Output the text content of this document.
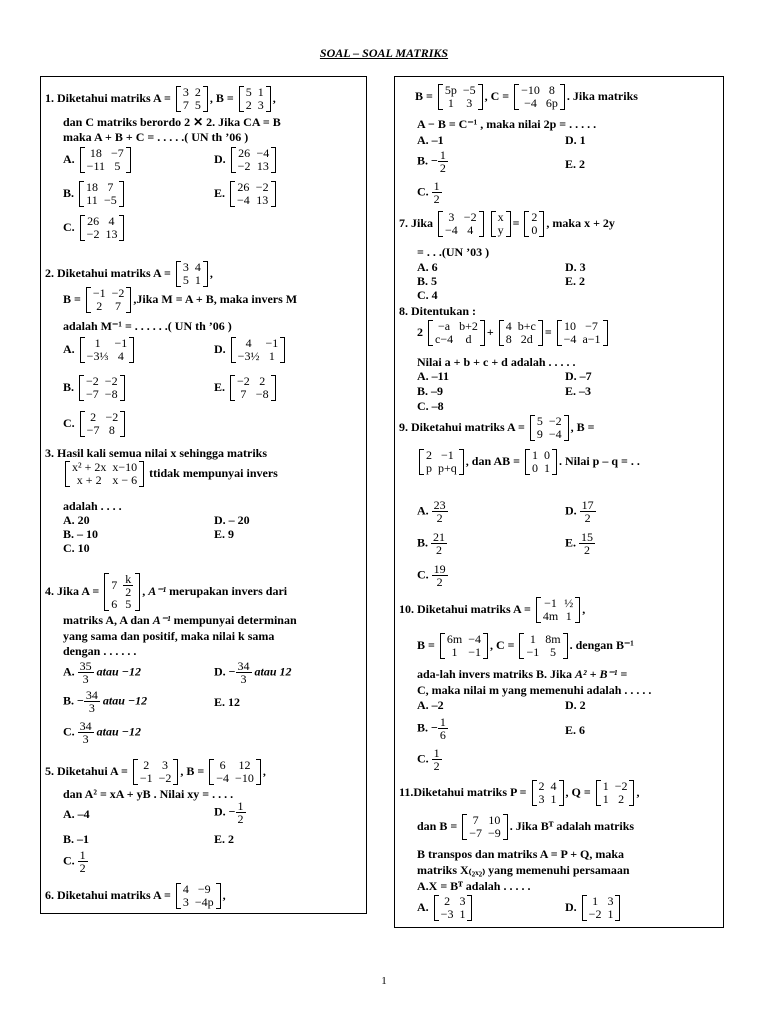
SOAL – SOAL MATRIKS
1. Diketahui matriks A = 3	2
7	5
, B = 5	1
2	3
,
dan C matriks berordo 2 ✕ 2. Jika CA = B
maka A + B + C = . . . . .( UN th ’06 )
A. 18	−7
−11	5
D. 26	−4
−2	13
B. 18	7
11	−5
E. 26	−2
−4	13
C. 26	4
−2	13
2. Diketahui matriks A = 3	4
5	1
,
B = −1	−2
2	7
,Jika M = A + B, maka invers M
adalah M⁻¹ = . . . . . .( UN th ’06 )
A. 1	−1
−3⅓	4
D. 4	−1
−3½	1
B. −2	−2
−7	−8
E. −2	2
7	−8
C. 2	−2
−7	8
3. Hasil kali semua nilai x sehingga matriks
x² + 2x	x−10
x + 2	x − 6
ttidak mempunyai invers
adalah . . . .
A. 20	D. – 20
B. – 10	E. 9
C. 10
4. Jika A = 7	$\frac{k}{2}$

6	5
, A⁻¹ merupakan invers dari
matriks A, A dan A⁻¹ mempunyai determinan
yang sama dan positif, maka nilai k sama
dengan . . . . . .
A. $\frac{35}{3}$ atau −12	D. − $\frac{34}{3}$ atau 12
B. − $\frac{34}{3}$ atau −12	E. 12
C. $\frac{34}{3}$ atau −12
5. Diketahui A = 2	3
−1	−2
, B = 6	12
−4	−10
,
dan A² = xA + yB . Nilai xy = . . . .
A. –4	D. − $\frac{1}{2}$
B. –1	E. 2
C. $\frac{1}{2}$
6. Diketahui matriks A = 4	−9
3	−4p
,
B = 5p	−5
1	3
, C = −10	8
−4	6p
. Jika matriks
A − B = C⁻¹ , maka nilai 2p = . . . . .
A. –1	D. 1
B. − $\frac{1}{2}$	E. 2
C. $\frac{1}{2}$
7. Jika 3	−2
−4	4

x
y
= 2
0
, maka x + 2y
= . . .(UN ’03 )
A. 6	D. 3
B. 5	E. 2
C. 4
8. Ditentukan :
2 −a	b+2
c−4	d
+ 4	b+c
8	2d
= 10	−7
−4	a−1
Nilai a + b + c + d adalah . . . . .
A. –11	D. –7
B. –9	E. –3
C. –8
9. Diketahui matriks A = 5	−2
9	−4
, B =
2	−1
p	p+q
, dan AB = 1	0
0	1
. Nilai p – q = . .
A. $\frac{23}{2}$	D. $\frac{17}{2}$
B. $\frac{21}{2}$	E. $\frac{15}{2}$
C. $\frac{19}{2}$
10. Diketahui matriks A = −1	½
4m	1
,
B = 6m	−4
1	−1
, C = 1	8m
−1	5
. dengan B⁻¹
ada-lah invers matriks B. Jika A² + B⁻¹ =
C, maka nilai m yang memenuhi adalah . . . . .
A. –2	D. 2
B. − $\frac{1}{6}$	E. 6
C. $\frac{1}{2}$
11.Diketahui matriks P = 2	4
3	1
, Q = 1	−2
1	2
,
dan B = 7	10
−7	−9
. Jika Bᵀ adalah matriks
B transpos dan matriks A = P + Q, maka
matriks X₍₂ₓ₂₎ yang memenuhi persamaan
A.X = Bᵀ adalah . . . . .
A. 2	3
−3	1
D. 1	3
−2	1
1
